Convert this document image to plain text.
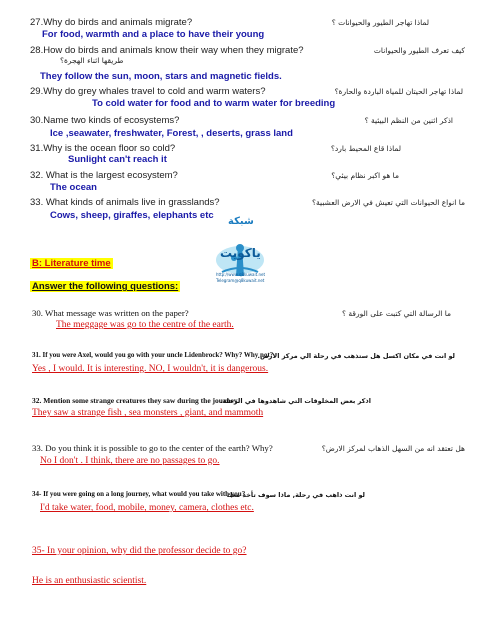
27.Why do birds and animals migrate?	لماذا تهاجر الطيور والحيوانات ؟
For food, warmth and a place to have their young
28.How do birds and animals know their way when they migrate?	كيف تعرف الطيور والحيوانات
طريقها اثناء الهجرة؟
They follow the sun, moon, stars and magnetic fields.
29.Why do grey whales travel to cold and warm waters?	لماذا تهاجر الحيتان للمياة الباردة والحارة؟
To cold water for food and to warm water for breeding
30.Name two kinds of ecosystems?	اذكر اثنين من النظم البيئية ؟
Ice ,seawater, freshwater, Forest, , deserts, grass land
31.Why is the ocean floor so cold?	لماذا قاع المحيط بارد؟
Sunlight can't reach it
32. What is the largest ecosystem?	ما هو اكبر نظام بيئي؟
The ocean
33. What kinds of animals live in grasslands?	ما انواع الحيوانات التي تعيش في الارض العشبية؟
Cows, sheep, giraffes, elephants etc
شبكة
ياكويت
http://www.q8kuwait.net
Telegram@q8kuwait.net
B: Literature time
Answer the following questions:
30. What message was written on the paper?	ما الرسالة التي كتبت على الورقة ؟
The meggage was go to the centre of the earth.
31. If you were Axel, would you go with your uncle Lidenbrock? Why? Why not?
لو انت في مكان اكسل هل ستذهب في رحلة الي مركز الارض.
Yes , I would. It is interesting. NO, I wouldn't, it is dangerous.
32. Mention some strange creatures they saw during the journey.
اذكر بعض المخلوقات التي شاهدوها في الرحلة.
They saw a strange fish , sea monsters , giant, and mammoth
33. Do you think it is possible to go to the center of the earth? Why?	هل تعتقد انه من السهل الذهاب لمركز الارض؟
No I don't . I think, there are no passages to go.
34- If you were going on a long journey, what would you take with you?
لو انت ذاهب في رحلة, ماذا سوف تأخذ معك
I'd take water, food, mobile, money, camera, clothes etc.
35- In your opinion, why did the professor decide to go?
He is an enthusiastic scientist.
